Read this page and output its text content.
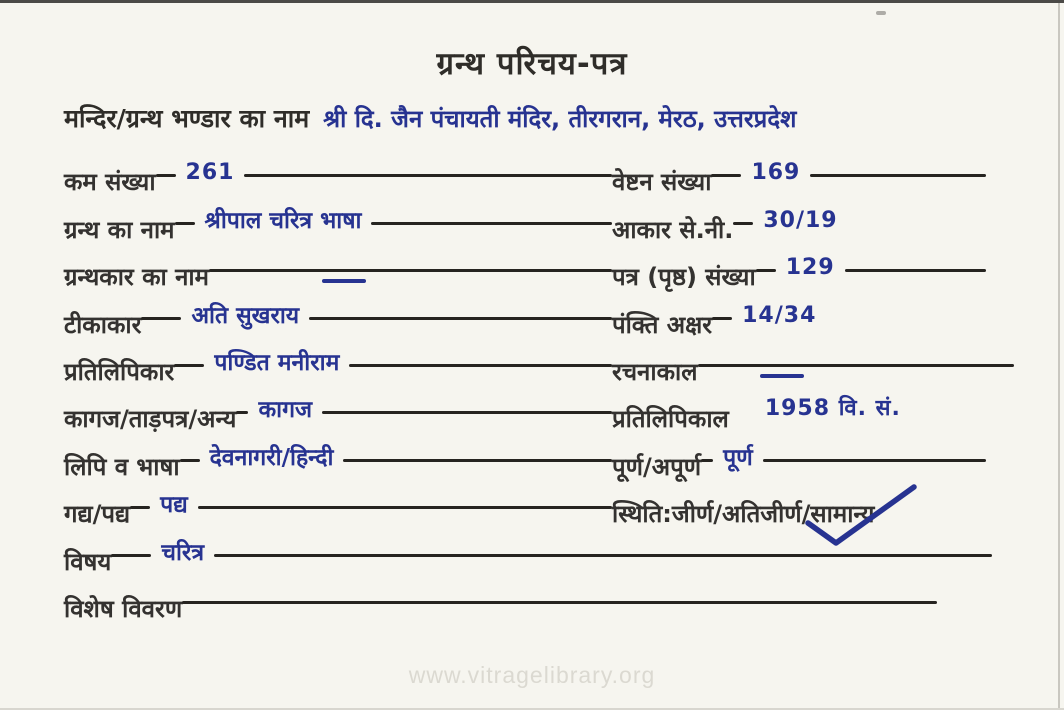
ग्रन्थ परिचय-पत्र
मन्दिर/ग्रन्थ भण्डार का नाम श्री दि. जैन पंचायती मंदिर, तीरगरान, मेरठ, उत्तरप्रदेश
कम संख्या 261	वेष्टन संख्या 169
ग्रन्थ का नाम श्रीपाल चरित्र भाषा	आकार से.नी. 30/19
ग्रन्थकार का नाम	पत्र (पृष्ठ) संख्या 129
टीकाकार अति सुखराय	पंक्ति अक्षर 14/34
प्रतिलिपिकार पण्डित मनीराम	रचनाकाल
कागज/ताड़पत्र/अन्य कागज	प्रतिलिपिकाल 1958 वि. सं.
लिपि व भाषा देवनागरी/हिन्दी	पूर्ण/अपूर्ण पूर्ण
गद्य/पद्य पद्य	स्थिति:जीर्ण/अतिजीर्ण/ सामान्य
विषय चरित्र
विशेष विवरण
www.vitragelibrary.org
